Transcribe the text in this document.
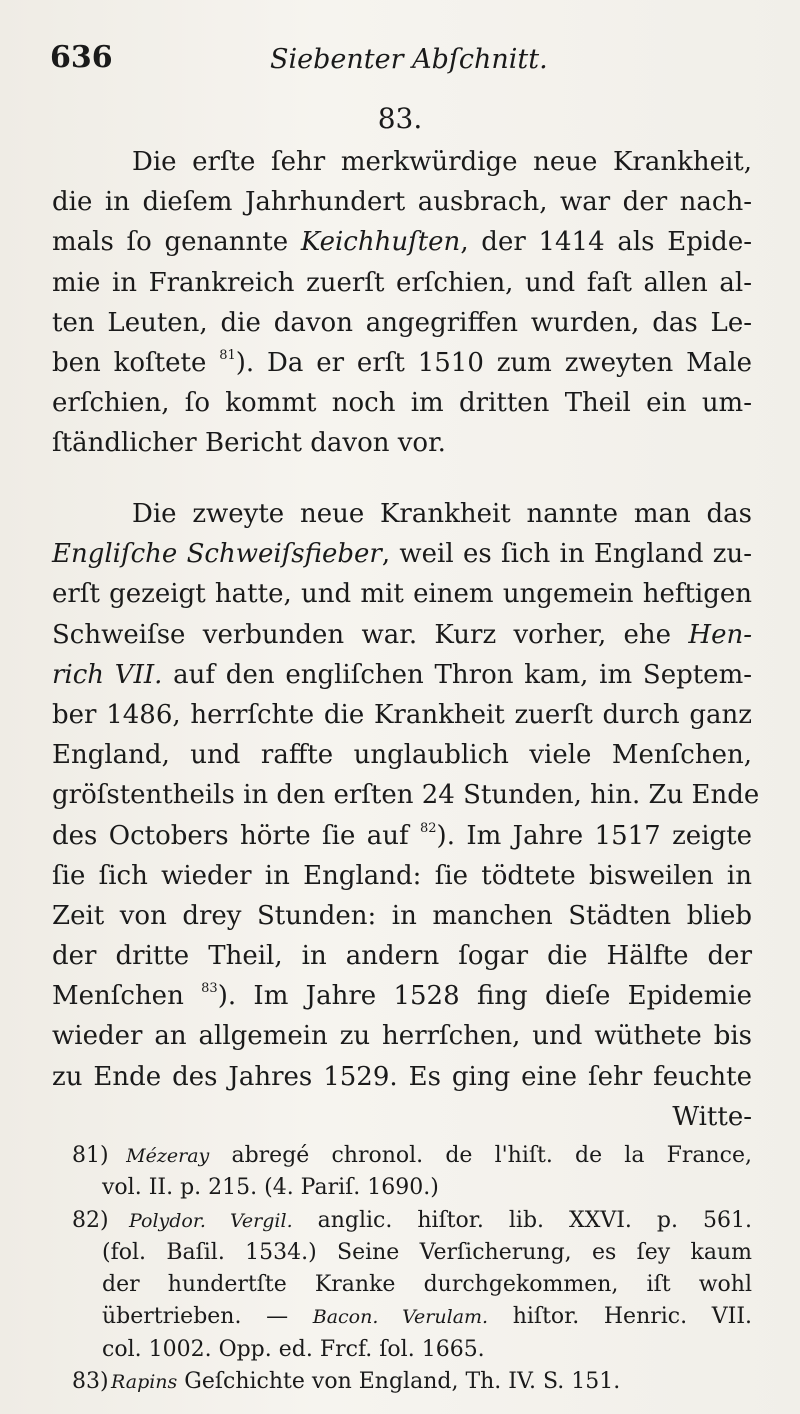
636	Siebenter Abſchnitt.
83.
Die erſte ſehr merkwürdige neue Krankheit,
die in dieſem Jahrhundert ausbrach, war der nach-
mals ſo genannte Keichhuſten, der 1414 als Epide-
mie in Frankreich zuerſt erſchien, und faſt allen al-
ten Leuten, die davon angegriffen wurden, das Le-
ben koſtete $^{81}$). Da er erſt 1510 zum zweyten Male
erſchien, ſo kommt noch im dritten Theil ein um-
ſtändlicher Bericht davon vor.
Die zweyte neue Krankheit nannte man das
Engliſche Schweiſsfieber, weil es ſich in England zu-
erſt gezeigt hatte, und mit einem ungemein heftigen
Schweiſse verbunden war. Kurz vorher, ehe Hen-
rich VII. auf den engliſchen Thron kam, im Septem-
ber 1486, herrſchte die Krankheit zuerſt durch ganz
England, und raffte unglaublich viele Menſchen,
gröſstentheils in den erſten 24 Stunden, hin. Zu Ende
des Octobers hörte ſie auf $^{82}$). Im Jahre 1517 zeigte
ſie ſich wieder in England: ſie tödtete bisweilen in
Zeit von drey Stunden: in manchen Städten blieb
der dritte Theil, in andern ſogar die Hälfte der
Menſchen $^{83}$). Im Jahre 1528 fing dieſe Epidemie
wieder an allgemein zu herrſchen, und wüthete bis
zu Ende des Jahres 1529. Es ging eine ſehr feuchte
Witte-
81) Mézeray abregé chronol. de l'hiſt. de la France,
vol. II. p. 215. (4. Pariſ. 1690.)
82) Polydor. Vergil. anglic. hiſtor. lib. XXVI. p. 561.
(fol. Baſil. 1534.) Seine Verſicherung, es ſey kaum
der hundertſte Kranke durchgekommen, iſt wohl
übertrieben. — Bacon. Verulam. hiſtor. Henric. VII.
col. 1002. Opp. ed. Frcf. ſol. 1665.
83) Rapins Geſchichte von England, Th. IV. S. 151.
